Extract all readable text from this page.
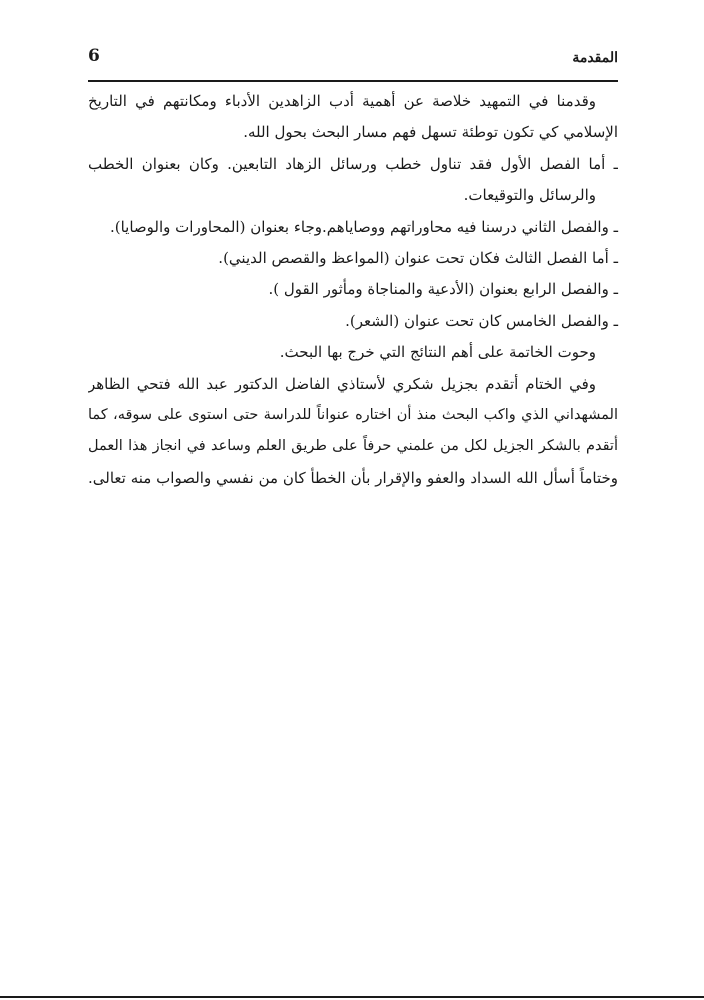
المقدمة
6
وقدمنا في التمهيد خلاصة عن أهمية أدب الزاهدين الأدباء ومكانتهم في التاريخ
الإسلامي كي تكون توطئة تسهل فهم مسار البحث بحول الله.
ـ أما الفصل الأول فقد تناول خطب ورسائل الزهاد التابعين. وكان بعنوان الخطب
والرسائل والتوقيعات.
ـ والفصل الثاني درسنا فيه محاوراتهم ووصاياهم.وجاء بعنوان (المحاورات والوصايا).
ـ أما الفصل الثالث فكان تحت عنوان (المواعظ والقصص الديني).
ـ والفصل الرابع بعنوان (الأدعية والمناجاة ومأثور القول ).
ـ والفصل الخامس كان تحت عنوان (الشعر).
وحوت الخاتمة على أهم النتائج التي خرج بها البحث.
وفي الختام أتقدم بجزيل شكري لأستاذي الفاضل الدكتور عبد الله فتحي الظاهر
المشهداني الذي واكب البحث منذ أن اختاره عنواناً للدراسة حتى استوى على سوقه، كما
أتقدم بالشكر الجزيل لكل من علمني حرفاً على طريق العلم وساعد في انجاز هذا العمل
وختاماً أسأل الله السداد والعفو والإقرار بأن الخطأ كان من نفسي والصواب منه تعالى.
